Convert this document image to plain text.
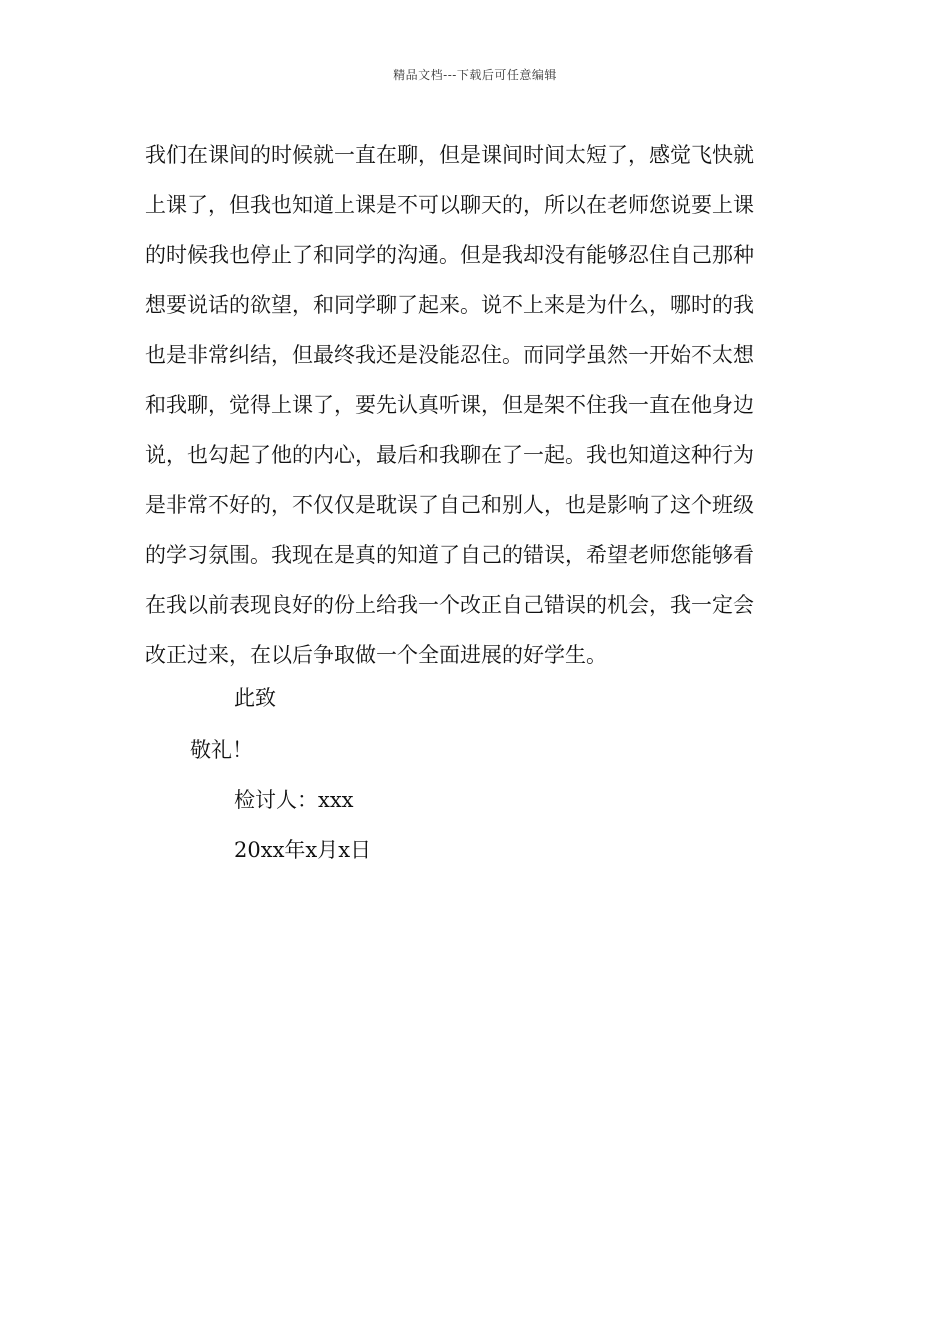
精品文档---下载后可任意编辑
我们在课间的时候就一直在聊，但是课间时间太短了，感觉飞快就
上课了，但我也知道上课是不可以聊天的，所以在老师您说要上课
的时候我也停止了和同学的沟通。但是我却没有能够忍住自己那种
想要说话的欲望，和同学聊了起来。说不上来是为什么，哪时的我
也是非常纠结，但最终我还是没能忍住。而同学虽然一开始不太想
和我聊，觉得上课了，要先认真听课，但是架不住我一直在他身边
说，也勾起了他的内心，最后和我聊在了一起。我也知道这种行为
是非常不好的，不仅仅是耽误了自己和别人，也是影响了这个班级
的学习氛围。我现在是真的知道了自己的错误，希望老师您能够看
在我以前表现良好的份上给我一个改正自己错误的机会，我一定会
改正过来，在以后争取做一个全面进展的好学生。
此致
敬礼！
检讨人：xxx
20xx年x月x日
